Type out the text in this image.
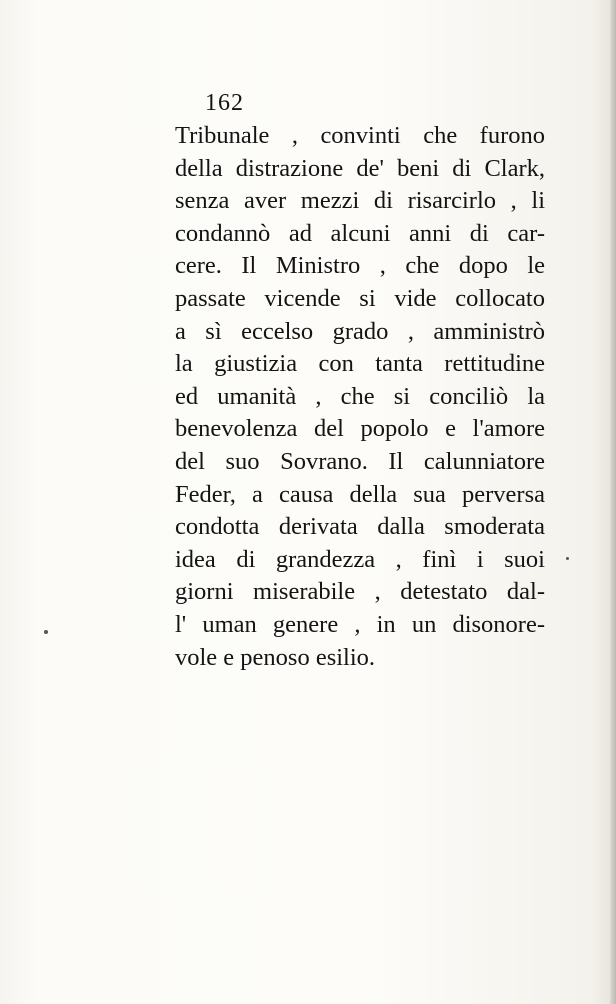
162
Tribunale , convinti che furono
della distrazione de' beni di Clark,
senza aver mezzi di risarcirlo , li
condannò ad alcuni anni di car-
cere. Il Ministro , che dopo le
passate vicende si vide collocato
a sì eccelso grado , amministrò
la giustizia con tanta rettitudine
ed umanità , che si conciliò la
benevolenza del popolo e l'amore
del suo Sovrano. Il calunniatore
Feder, a causa della sua perversa
condotta derivata dalla smoderata
idea di grandezza , finì i suoi
giorni miserabile , detestato dal-
l' uman genere , in un disonore-
vole e penoso esilio.
